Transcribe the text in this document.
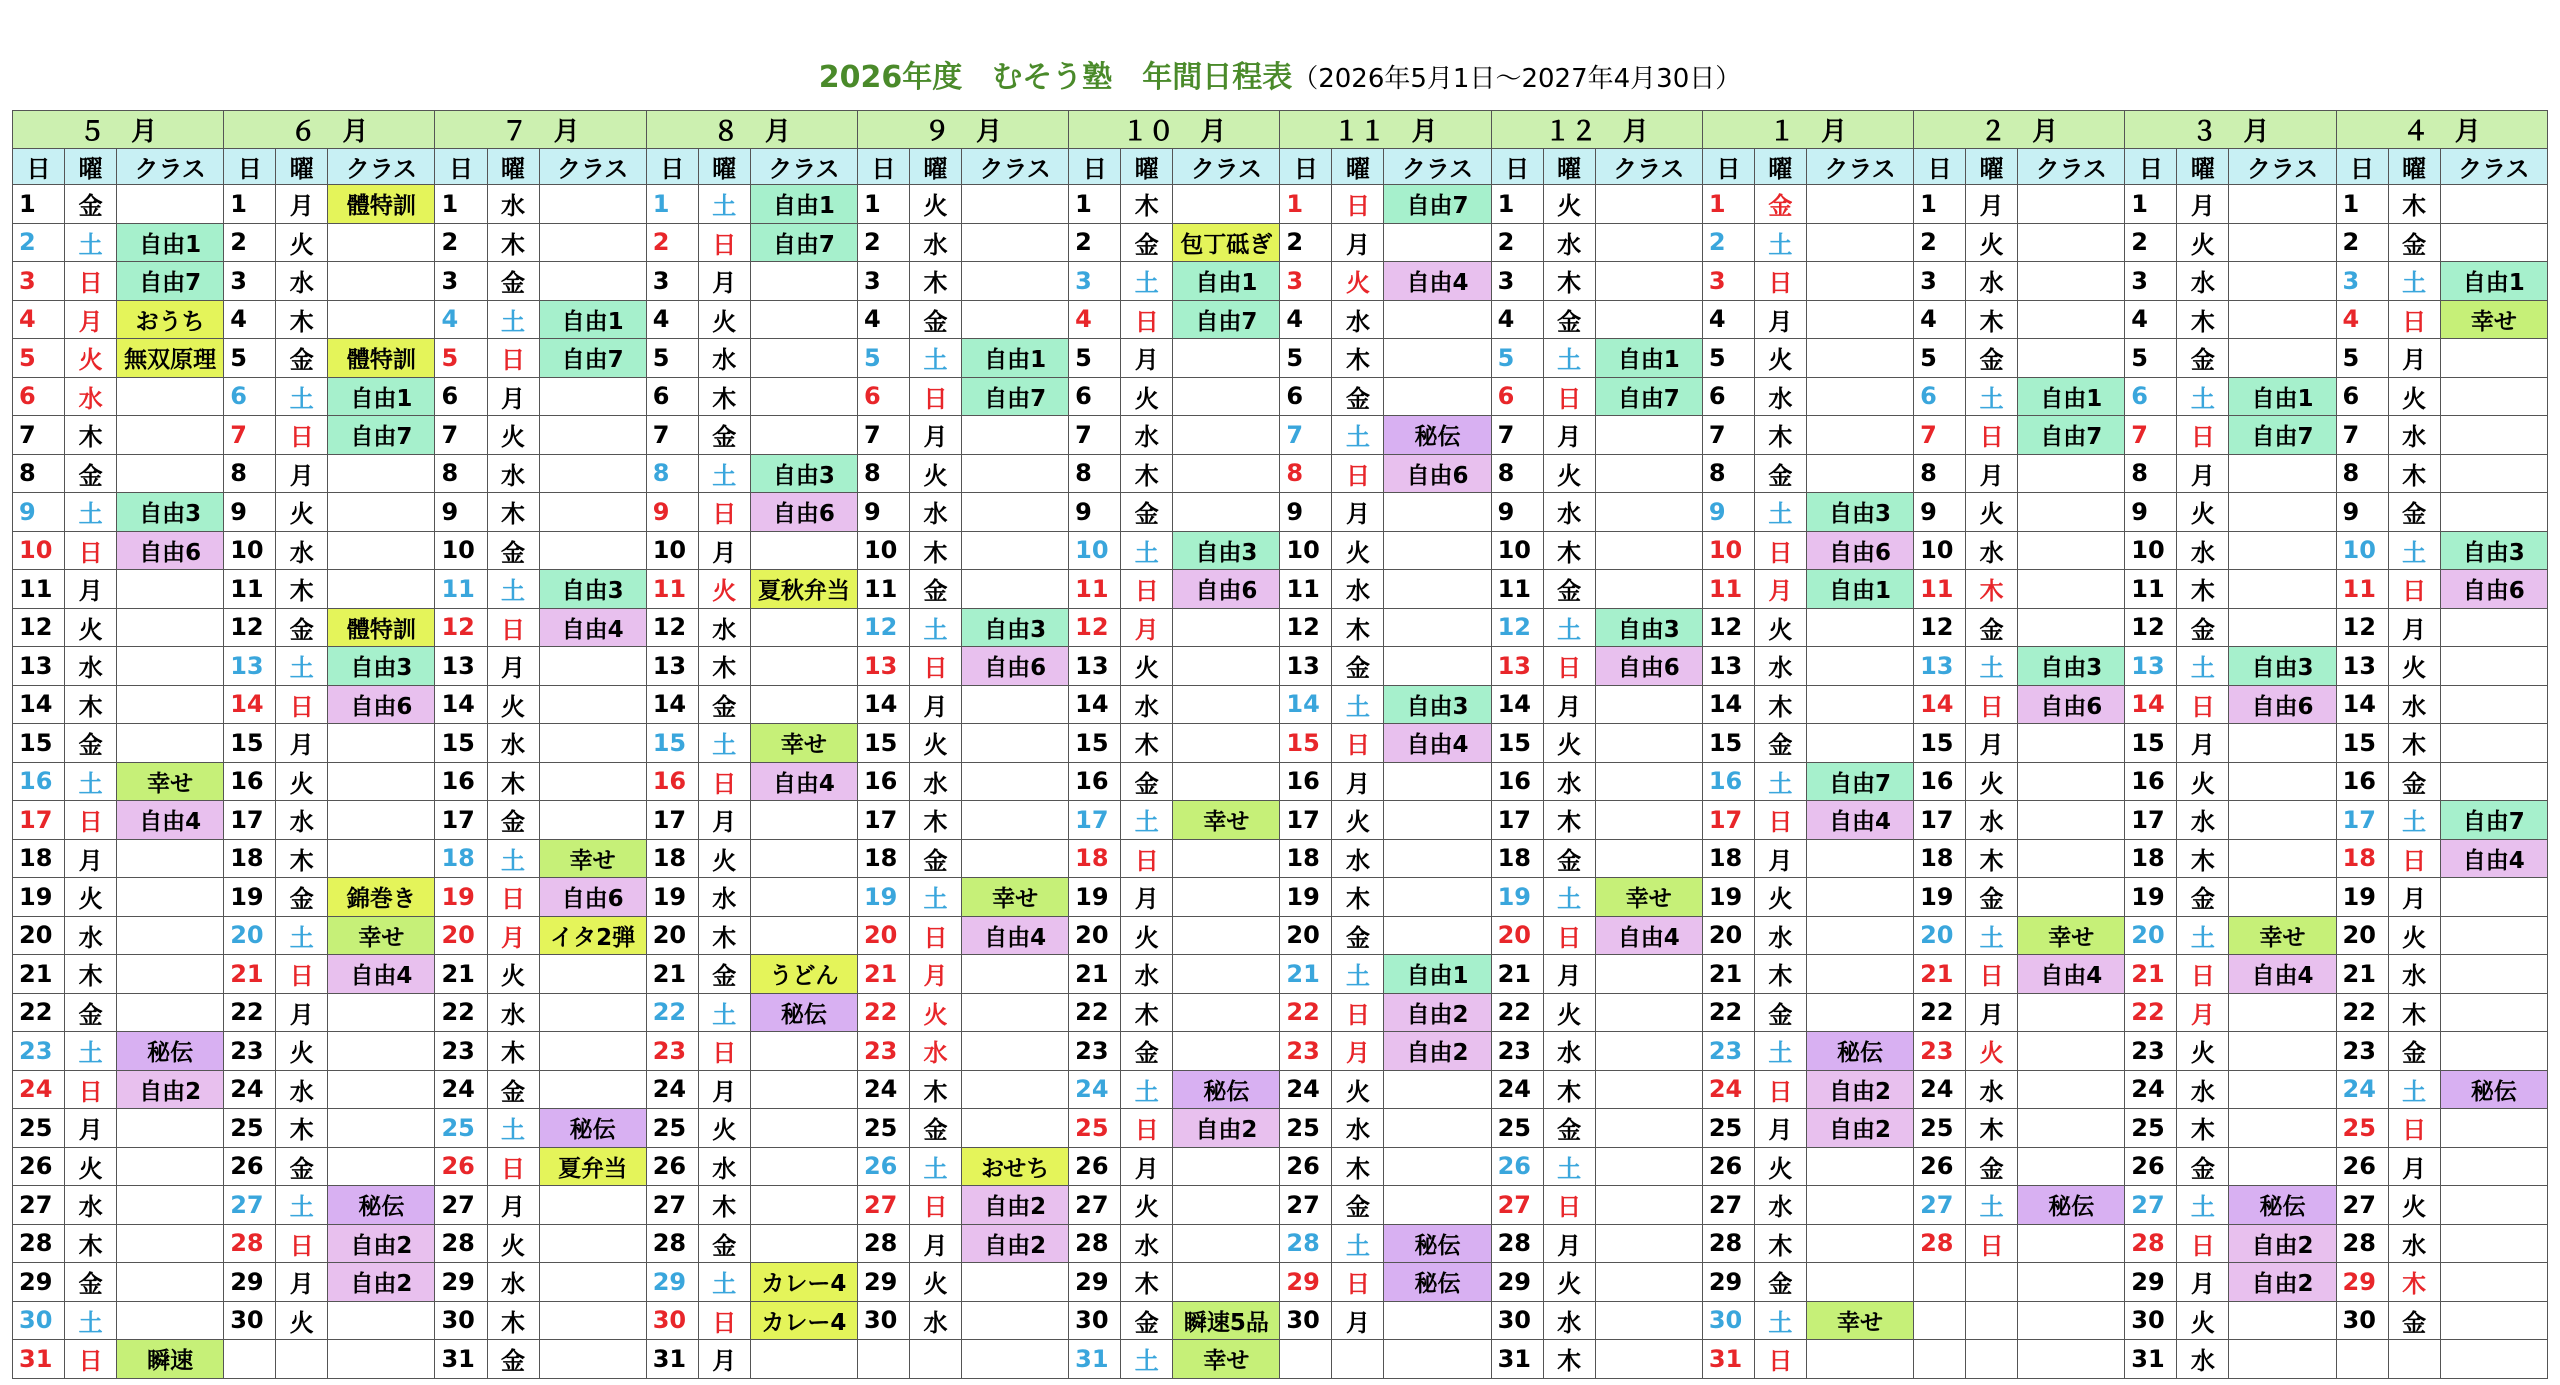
2026年度　むそう塾　年間日程表（2026年5月1日～2027年4月30日）
５　月			６　月			７　月			８　月			９　月			１０　月			１１　月			１２　月			１　月			２　月			３　月			４　月		
日	曜	クラス	日	曜	クラス	日	曜	クラス	日	曜	クラス	日	曜	クラス	日	曜	クラス	日	曜	クラス	日	曜	クラス	日	曜	クラス	日	曜	クラス	日	曜	クラス	日	曜	クラス
1	金		1	月	體特訓	1	水		1	土	自由1	1	火		1	木		1	日	自由7	1	火		1	金		1	月		1	月		1	木	
2	土	自由1	2	火		2	木		2	日	自由7	2	水		2	金	包丁砥ぎ	2	月		2	水		2	土		2	火		2	火		2	金	
3	日	自由7	3	水		3	金		3	月		3	木		3	土	自由1	3	火	自由4	3	木		3	日		3	水		3	水		3	土	自由1
4	月	おうち	4	木		4	土	自由1	4	火		4	金		4	日	自由7	4	水		4	金		4	月		4	木		4	木		4	日	幸せ
5	火	無双原理	5	金	體特訓	5	日	自由7	5	水		5	土	自由1	5	月		5	木		5	土	自由1	5	火		5	金		5	金		5	月	
6	水		6	土	自由1	6	月		6	木		6	日	自由7	6	火		6	金		6	日	自由7	6	水		6	土	自由1	6	土	自由1	6	火	
7	木		7	日	自由7	7	火		7	金		7	月		7	水		7	土	秘伝	7	月		7	木		7	日	自由7	7	日	自由7	7	水	
8	金		8	月		8	水		8	土	自由3	8	火		8	木		8	日	自由6	8	火		8	金		8	月		8	月		8	木	
9	土	自由3	9	火		9	木		9	日	自由6	9	水		9	金		9	月		9	水		9	土	自由3	9	火		9	火		9	金	
10	日	自由6	10	水		10	金		10	月		10	木		10	土	自由3	10	火		10	木		10	日	自由6	10	水		10	水		10	土	自由3
11	月		11	木		11	土	自由3	11	火	夏秋弁当	11	金		11	日	自由6	11	水		11	金		11	月	自由1	11	木		11	木		11	日	自由6
12	火		12	金	體特訓	12	日	自由4	12	水		12	土	自由3	12	月		12	木		12	土	自由3	12	火		12	金		12	金		12	月	
13	水		13	土	自由3	13	月		13	木		13	日	自由6	13	火		13	金		13	日	自由6	13	水		13	土	自由3	13	土	自由3	13	火	
14	木		14	日	自由6	14	火		14	金		14	月		14	水		14	土	自由3	14	月		14	木		14	日	自由6	14	日	自由6	14	水	
15	金		15	月		15	水		15	土	幸せ	15	火		15	木		15	日	自由4	15	火		15	金		15	月		15	月		15	木	
16	土	幸せ	16	火		16	木		16	日	自由4	16	水		16	金		16	月		16	水		16	土	自由7	16	火		16	火		16	金	
17	日	自由4	17	水		17	金		17	月		17	木		17	土	幸せ	17	火		17	木		17	日	自由4	17	水		17	水		17	土	自由7
18	月		18	木		18	土	幸せ	18	火		18	金		18	日		18	水		18	金		18	月		18	木		18	木		18	日	自由4
19	火		19	金	錦巻き	19	日	自由6	19	水		19	土	幸せ	19	月		19	木		19	土	幸せ	19	火		19	金		19	金		19	月	
20	水		20	土	幸せ	20	月	イタ2弾	20	木		20	日	自由4	20	火		20	金		20	日	自由4	20	水		20	土	幸せ	20	土	幸せ	20	火	
21	木		21	日	自由4	21	火		21	金	うどん	21	月		21	水		21	土	自由1	21	月		21	木		21	日	自由4	21	日	自由4	21	水	
22	金		22	月		22	水		22	土	秘伝	22	火		22	木		22	日	自由2	22	火		22	金		22	月		22	月		22	木	
23	土	秘伝	23	火		23	木		23	日		23	水		23	金		23	月	自由2	23	水		23	土	秘伝	23	火		23	火		23	金	
24	日	自由2	24	水		24	金		24	月		24	木		24	土	秘伝	24	火		24	木		24	日	自由2	24	水		24	水		24	土	秘伝
25	月		25	木		25	土	秘伝	25	火		25	金		25	日	自由2	25	水		25	金		25	月	自由2	25	木		25	木		25	日	
26	火		26	金		26	日	夏弁当	26	水		26	土	おせち	26	月		26	木		26	土		26	火		26	金		26	金		26	月	
27	水		27	土	秘伝	27	月		27	木		27	日	自由2	27	火		27	金		27	日		27	水		27	土	秘伝	27	土	秘伝	27	火	
28	木		28	日	自由2	28	火		28	金		28	月	自由2	28	水		28	土	秘伝	28	月		28	木		28	日		28	日	自由2	28	水	
29	金		29	月	自由2	29	水		29	土	カレー4	29	火		29	木		29	日	秘伝	29	火		29	金					29	月	自由2	29	木	
30	土		30	火		30	木		30	日	カレー4	30	水		30	金	瞬速5品	30	月		30	水		30	土	幸せ				30	火		30	金	
31	日	瞬速				31	金		31	月					31	土	幸せ				31	木		31	日					31	水				
